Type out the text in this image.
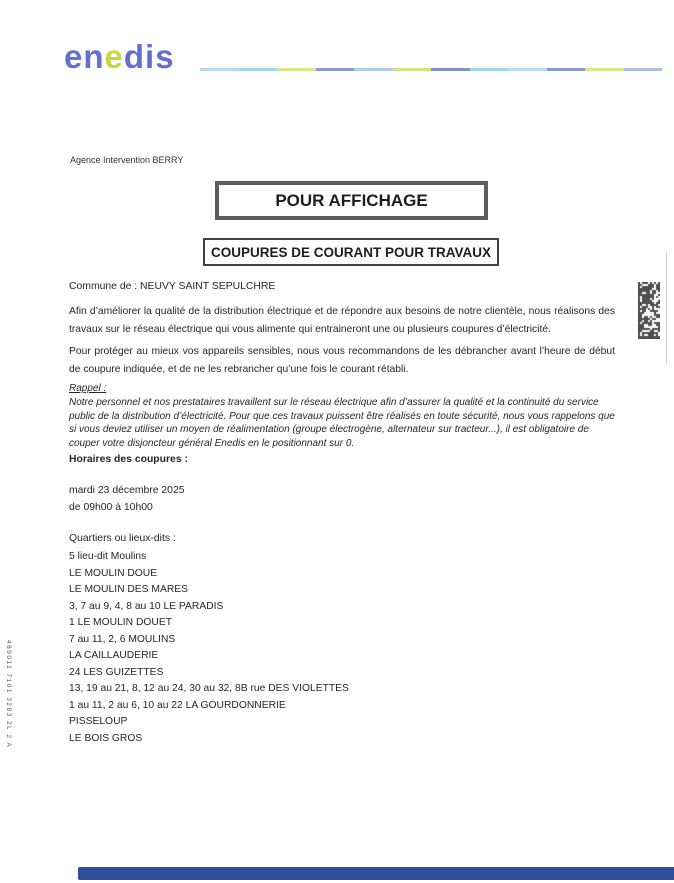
enedis
Agence Intervention BERRY
POUR AFFICHAGE
COUPURES DE COURANT POUR TRAVAUX
Commune de : NEUVY SAINT SEPULCHRE

Afin d’améliorer la qualité de la distribution électrique et de répondre aux besoins de notre clientèle, nous réalisons des travaux sur le réseau électrique qui vous alimente qui entraineront une ou plusieurs coupures d’électricité.

Pour protéger au mieux vos appareils sensibles, nous vous recommandons de les débrancher avant l’heure de début de coupure indiquée, et de ne les rebrancher qu’une fois le courant rétabli.

Rappel :
Notre personnel et nos prestataires travaillent sur le réseau électrique afin d’assurer la qualité et la continuité du service public de la distribution d’électricité. Pour que ces travaux puissent être réalisés en toute sécurité, nous vous rappelons que si vous deviez utiliser un moyen de réalimentation (groupe électrogène, alternateur sur tracteur...), il est obligatoire de couper votre disjoncteur général Enedis en le positionnant sur 0.
Horaires des coupures :
mardi 23 décembre 2025
de 09h00 à 10h00
Quartiers ou lieux-dits :
5 lieu-dit Moulins
LE MOULIN DOUE
LE MOULIN DES MARES
3, 7 au 9, 4, 8 au 10 LE PARADIS
1 LE MOULIN DOUET
7 au 11, 2, 6 MOULINS
LA CAILLAUDERIE
24 LES GUIZETTES
13, 19 au 21, 8, 12 au 24, 30 au 32, 8B rue DES VIOLETTES
1 au 11, 2 au 6, 10 au 22 LA GOURDONNERIE
PISSELOUP
LE BOIS GROS
489011 7101 3283 2L 2 A
